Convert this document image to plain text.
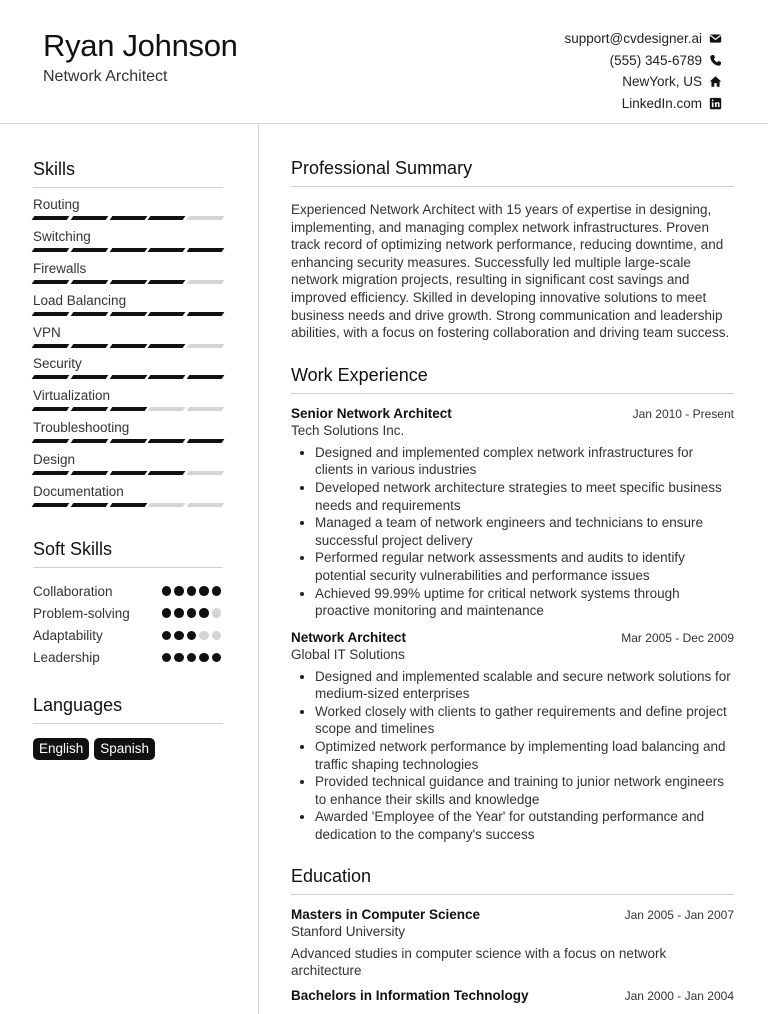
Ryan Johnson
Network Architect
support@cvdesigner.ai
(555) 345-6789
NewYork, US
LinkedIn.com
Skills
Routing
Switching
Firewalls
Load Balancing
VPN
Security
Virtualization
Troubleshooting
Design
Documentation
Soft Skills
Collaboration
Problem-solving
Adaptability
Leadership
Languages
English	Spanish
Professional Summary

Experienced Network Architect with 15 years of expertise in designing, implementing, and managing complex network infrastructures. Proven track record of optimizing network performance, reducing downtime, and enhancing security measures. Successfully led multiple large-scale network migration projects, resulting in significant cost savings and improved efficiency. Skilled in developing innovative solutions to meet business needs and drive growth. Strong communication and leadership abilities, with a focus on fostering collaboration and driving team success.

Work Experience
Senior Network Architect	Jan 2010 - Present
Tech Solutions Inc.
Designed and implemented complex network infrastructures for clients in various industries
Developed network architecture strategies to meet specific business needs and requirements
Managed a team of network engineers and technicians to ensure successful project delivery
Performed regular network assessments and audits to identify potential security vulnerabilities and performance issues
Achieved 99.99% uptime for critical network systems through proactive monitoring and maintenance
Network Architect	Mar 2005 - Dec 2009
Global IT Solutions
Designed and implemented scalable and secure network solutions for medium-sized enterprises
Worked closely with clients to gather requirements and define project scope and timelines
Optimized network performance by implementing load balancing and traffic shaping technologies
Provided technical guidance and training to junior network engineers to enhance their skills and knowledge
Awarded 'Employee of the Year' for outstanding performance and dedication to the company's success
Education
Masters in Computer Science	Jan 2005 - Jan 2007
Stanford University
Advanced studies in computer science with a focus on network architecture
Bachelors in Information Technology	Jan 2000 - Jan 2004
